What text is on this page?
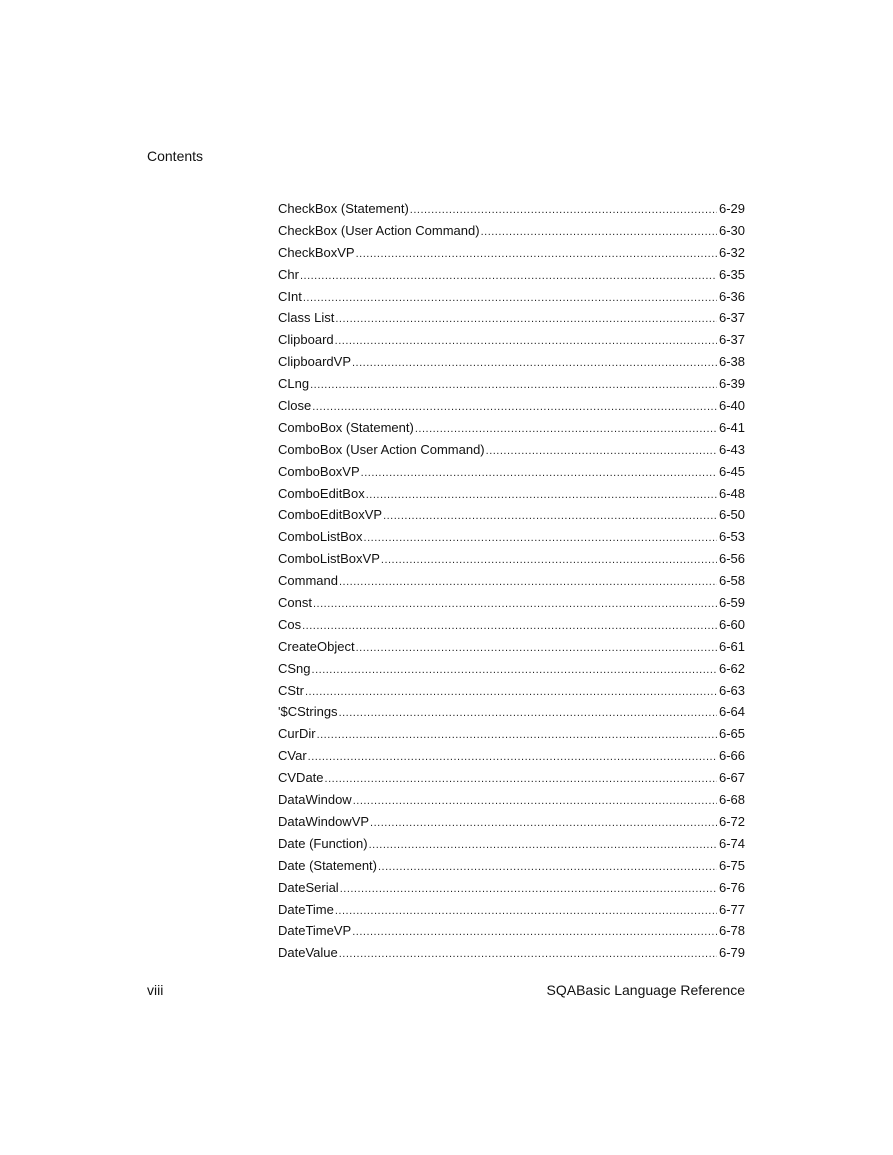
Contents
CheckBox (Statement) .....	6-29
CheckBox (User Action Command) .....	6-30
CheckBoxVP .....	6-32
Chr .....	6-35
CInt .....	6-36
Class List .....	6-37
Clipboard .....	6-37
ClipboardVP .....	6-38
CLng .....	6-39
Close .....	6-40
ComboBox (Statement) .....	6-41
ComboBox (User Action Command) .....	6-43
ComboBoxVP .....	6-45
ComboEditBox .....	6-48
ComboEditBoxVP .....	6-50
ComboListBox .....	6-53
ComboListBoxVP .....	6-56
Command .....	6-58
Const .....	6-59
Cos .....	6-60
CreateObject .....	6-61
CSng .....	6-62
CStr .....	6-63
'$CStrings .....	6-64
CurDir .....	6-65
CVar .....	6-66
CVDate .....	6-67
DataWindow .....	6-68
DataWindowVP .....	6-72
Date (Function) .....	6-74
Date (Statement) .....	6-75
DateSerial .....	6-76
DateTime .....	6-77
DateTimeVP .....	6-78
DateValue .....	6-79
viii	SQABasic Language Reference
